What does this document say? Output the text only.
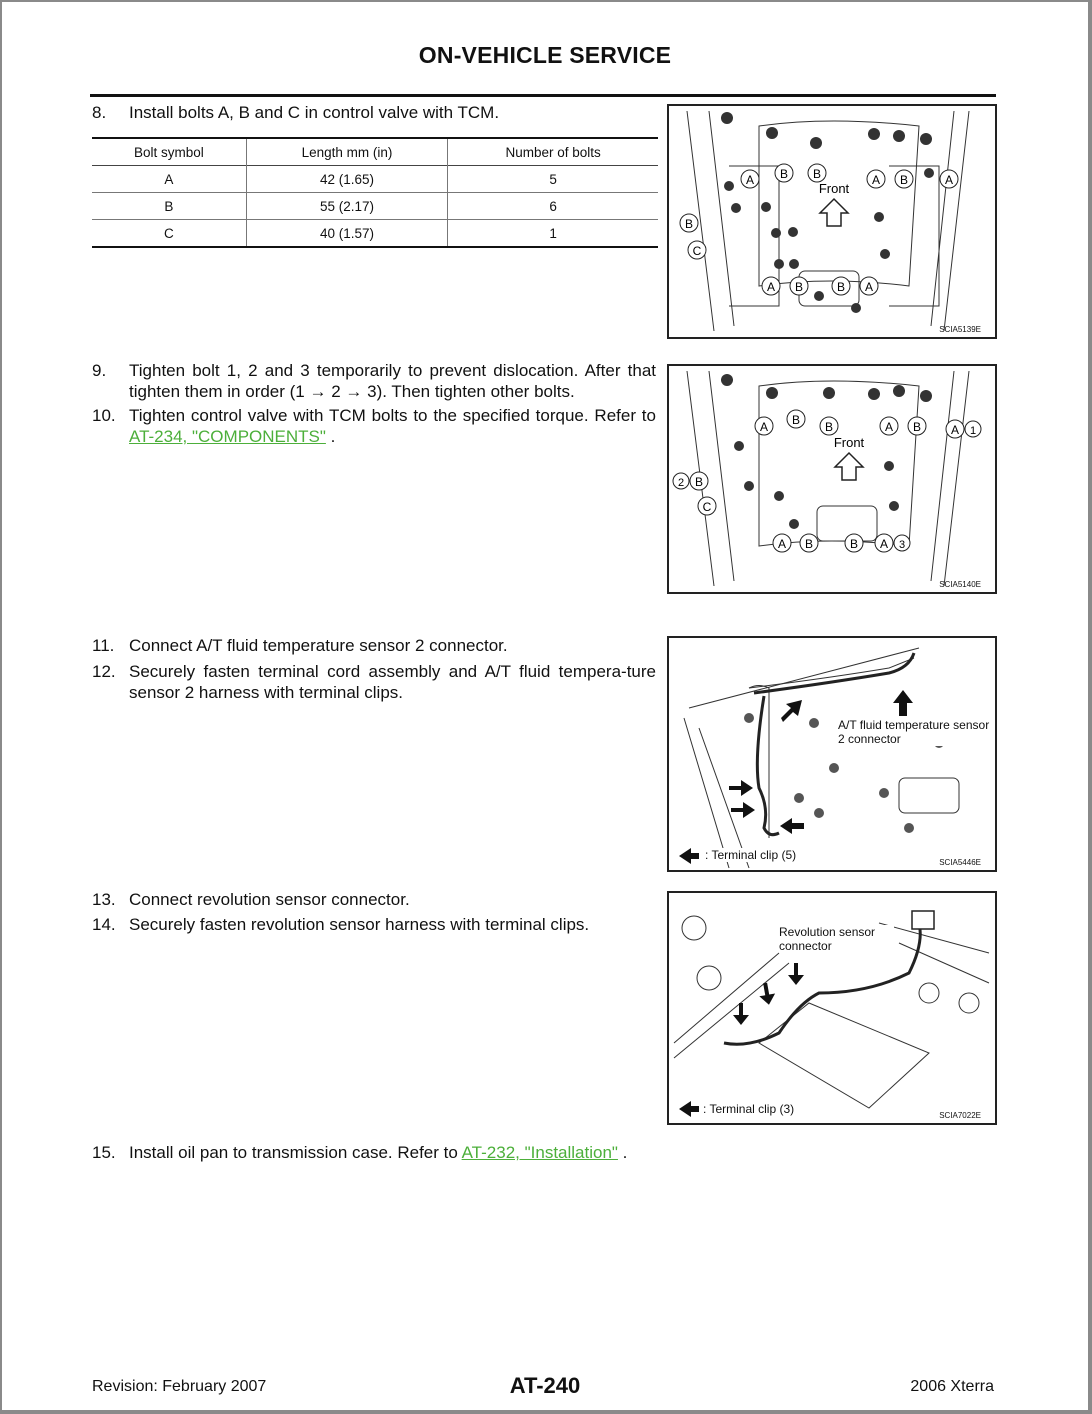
ON-VEHICLE SERVICE
8. Install bolts A, B and C in control valve with TCM.
Bolt symbol	Length mm (in)	Number of bolts
A	42 (1.65)	5
B	55 (2.17)	6
C	40 (1.57)	1
A B B	A B	A
B
C
A B	B A
Front
SCIA5139E
9. Tighten bolt 1, 2 and 3 temporarily to prevent dislocation. After that tighten them in order (1 → 2 → 3). Then tighten other bolts.
10. Tighten control valve with TCM bolts to the specified torque. Refer to AT-234, "COMPONENTS" .	A B B	A B A 1
2 B
C
A B	B A 3
Front
SCIA5140E
11. Connect A/T fluid temperature sensor 2 connector.
12. Securely fasten terminal cord assembly and A/T fluid tempera-ture sensor 2 harness with terminal clips.
A/T fluid temperature sensor 2 connector
: Terminal clip (5)
SCIA5446E
13. Connect revolution sensor connector.
14. Securely fasten revolution sensor harness with terminal clips.	Revolution sensor connector
: Terminal clip (3)	SCIA7022E
15. Install oil pan to transmission case. Refer to AT-232, "Installation" .
Revision: February 2007	AT-240	2006 Xterra
